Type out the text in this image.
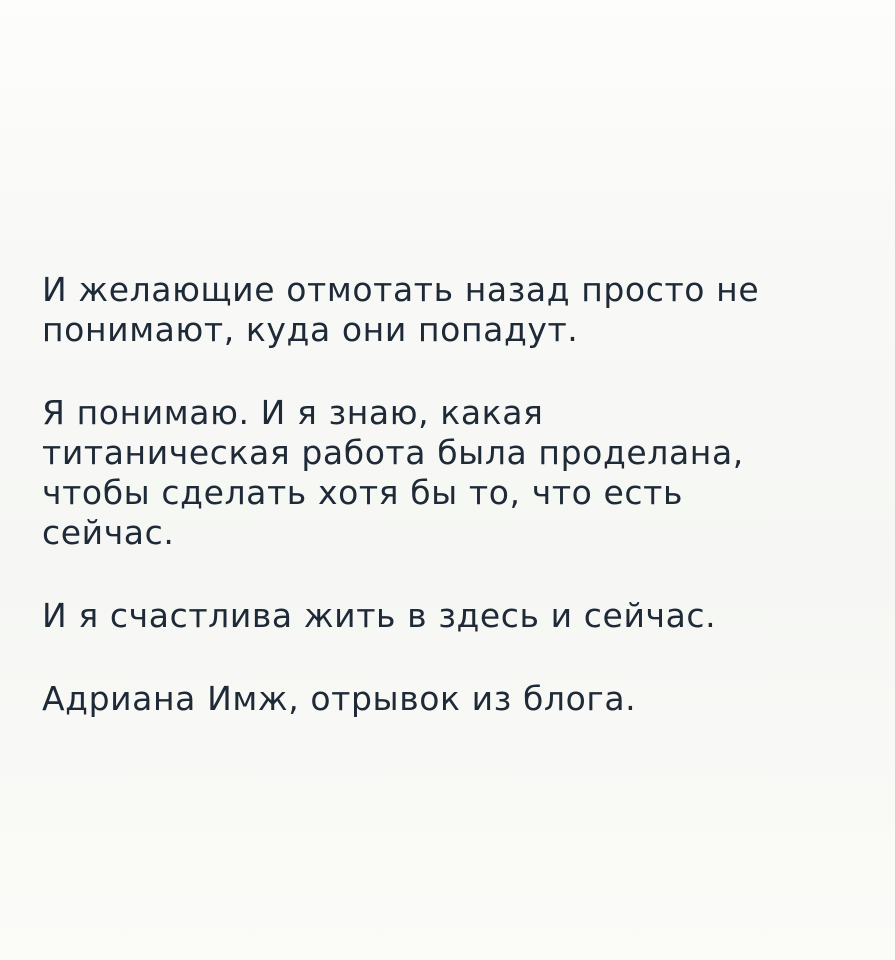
И желающие отмотать назад просто не
понимают, куда они попадут.
Я понимаю. И я знаю, какая
титаническая работа была проделана,
чтобы сделать хотя бы то, что есть
сейчас.
И я счастлива жить в здесь и сейчас.
Адриана Имж, отрывок из блога.
